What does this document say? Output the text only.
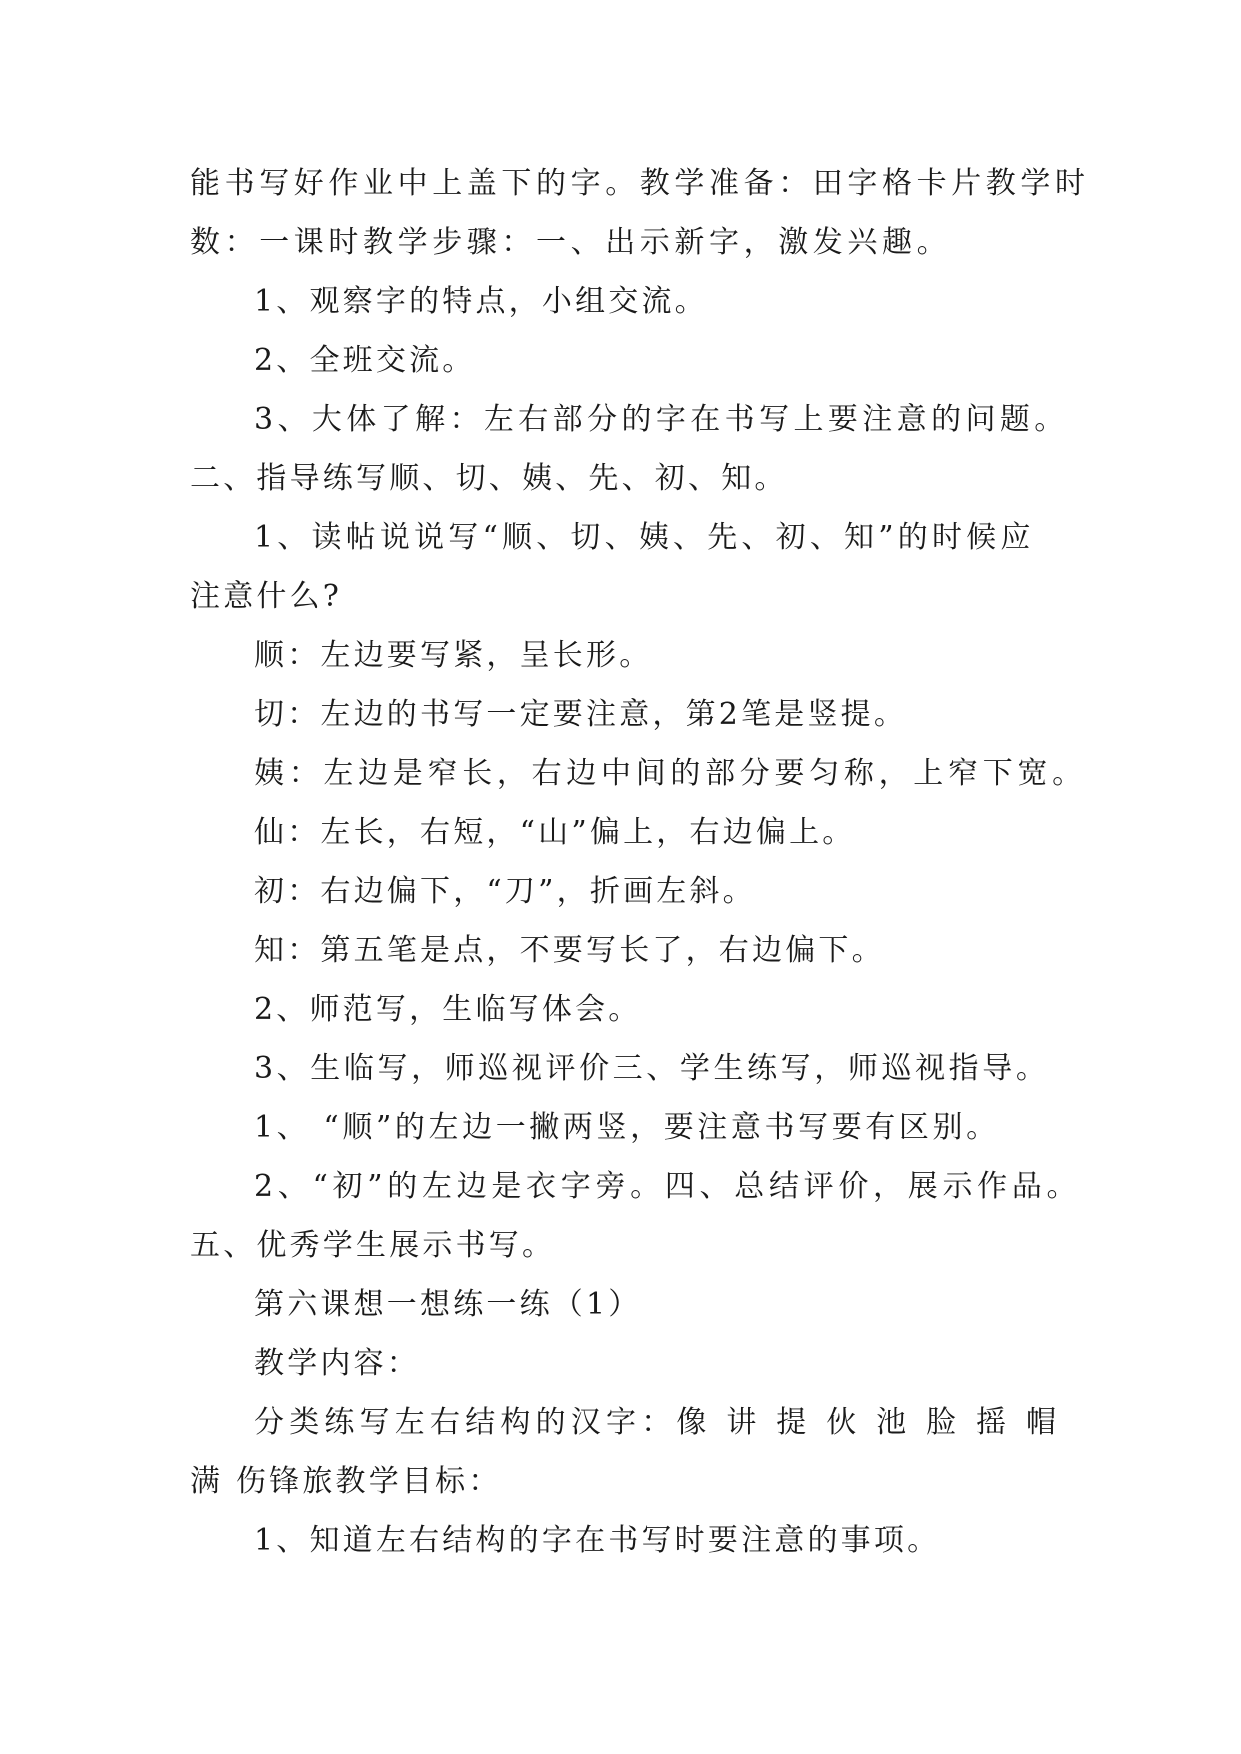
能书写好作业中上盖下的字。教学准备：田字格卡片教学时
数：一课时教学步骤：一、出示新字，激发兴趣。
1、观察字的特点，小组交流。
2、全班交流。
3、大体了解：左右部分的字在书写上要注意的问题。
二、指导练写顺、切、姨、先、初、知。
1、读帖说说写“顺、切、姨、先、初、知”的时候应
注意什么?
顺：左边要写紧，呈长形。
切：左边的书写一定要注意，第2笔是竖提。
姨：左边是窄长，右边中间的部分要匀称，上窄下宽。
仙：左长，右短，“山”偏上，右边偏上。
初：右边偏下，“刀”，折画左斜。
知：第五笔是点，不要写长了，右边偏下。
2、师范写，生临写体会。
3、生临写，师巡视评价三、学生练写，师巡视指导。
1、 “顺”的左边一撇两竖，要注意书写要有区别。
2、“初”的左边是衣字旁。四、总结评价，展示作品。
五、优秀学生展示书写。
第六课想一想练一练（1）
教学内容：
分类练写左右结构的汉字：像 讲 提 伙 池 脸 摇 帽
满 伤锋旅教学目标：
1、知道左右结构的字在书写时要注意的事项。
